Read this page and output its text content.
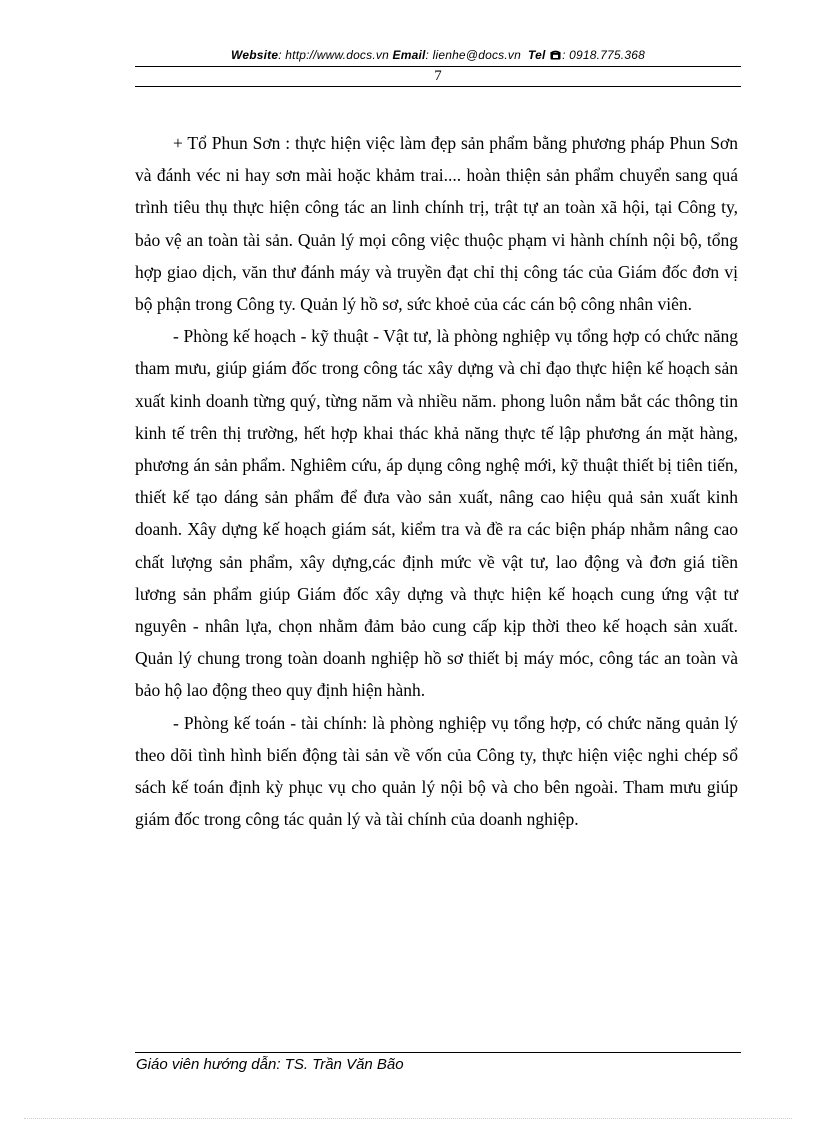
Website: http://www.docs.vn Email: lienhe@docs.vn Tel : 0918.775.368
7

+ Tổ Phun Sơn : thực hiện việc làm đẹp sản phẩm bằng phương pháp Phun Sơn và đánh véc ni hay sơn mài hoặc khảm trai.... hoàn thiện sản phẩm chuyển sang quá trình tiêu thụ thực hiện công tác an linh chính trị, trật tự an toàn xã hội, tại Công ty, bảo vệ an toàn tài sản. Quản lý mọi công việc thuộc phạm vi hành chính nội bộ, tổng hợp giao dịch, văn thư đánh máy và truyền đạt chỉ thị công tác của Giám đốc đơn vị bộ phận trong Công ty. Quản lý hồ sơ, sức khoẻ của các cán bộ công nhân viên.

- Phòng kế hoạch - kỹ thuật - Vật tư, là phòng nghiệp vụ tổng hợp có chức năng tham mưu, giúp giám đốc trong công tác xây dựng và chỉ đạo thực hiện kế hoạch sản xuất kinh doanh từng quý, từng năm và nhiều năm. phong luôn nắm bắt các thông tin kinh tế trên thị trường, hết hợp khai thác khả năng thực tế lập phương án mặt hàng, phương án sản phẩm. Nghiêm cứu, áp dụng công nghệ mới, kỹ thuật thiết bị tiên tiến, thiết kế tạo dáng sản phẩm để đưa vào sản xuất, nâng cao hiệu quả sản xuất kinh doanh. Xây dựng kế hoạch giám sát, kiểm tra và đề ra các biện pháp nhằm nâng cao chất lượng sản phẩm, xây dựng,các định mức về vật tư, lao động và đơn giá tiền lương sản phẩm giúp Giám đốc xây dựng và thực hiện kế hoạch cung ứng vật tư nguyên - nhân lựa, chọn nhằm đảm bảo cung cấp kịp thời theo kế hoạch sản xuất. Quản lý chung trong toàn doanh nghiệp hồ sơ thiết bị máy móc, công tác an toàn và bảo hộ lao động theo quy định hiện hành.

- Phòng kế toán - tài chính: là phòng nghiệp vụ tổng hợp, có chức năng quản lý theo dõi tình hình biến động tài sản về vốn của Công ty, thực hiện việc nghi chép sổ sách kế toán định kỳ phục vụ cho quản lý nội bộ và cho bên ngoài. Tham mưu giúp giám đốc trong công tác quản lý và tài chính của doanh nghiệp.

Giáo viên hướng dẫn: TS. Trần Văn Bão
